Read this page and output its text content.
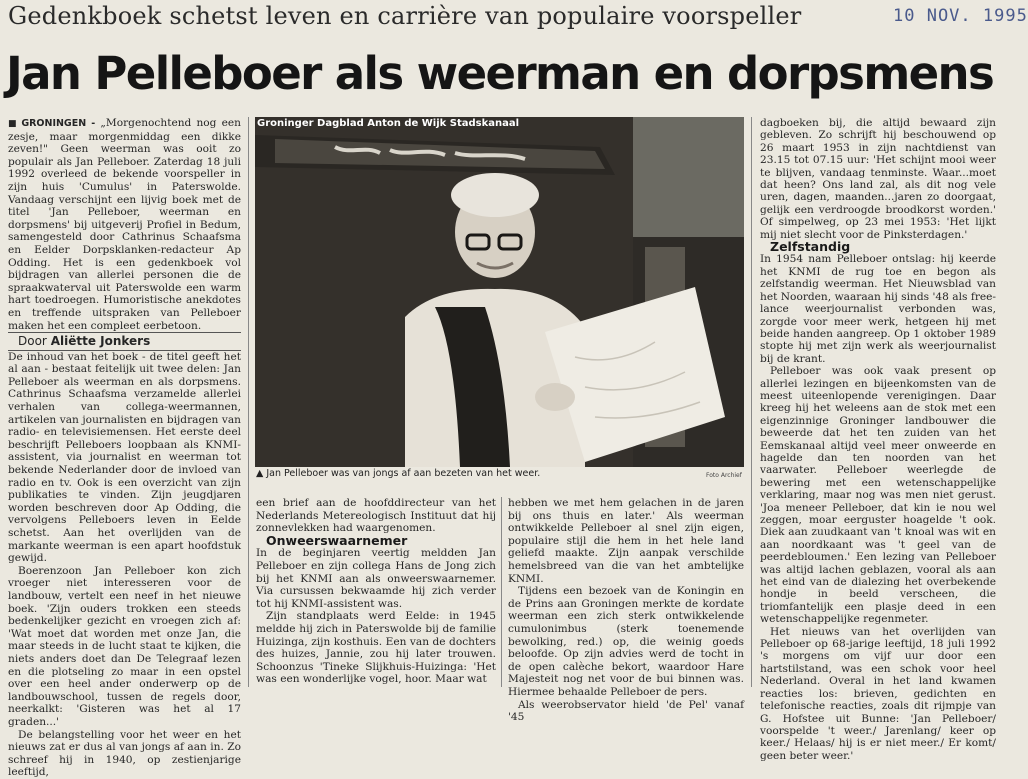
Gedenkboek schetst leven en carrière van populaire voorspeller	10 NOV. 1995
Jan Pelleboer als weerman en dorpsmens

■ GRONINGEN - „Morgenochtend nog een zesje, maar morgenmiddag een dikke zeven!" Geen weerman was ooit zo populair als Jan Pelleboer. Zaterdag 18 juli 1992 overleed de bekende voorspeller in zijn huis 'Cumulus' in Paterswolde. Vandaag verschijnt een lijvig boek met de titel 'Jan Pelleboer, weerman en dorpsmens' bij uitgeverij Profiel in Bedum, samengesteld door Cathrinus Schaafsma en Eelder Dorpsklanken-redacteur Ap Odding. Het is een gedenkboek vol bijdragen van allerlei personen die de spraakwaterval uit Paterswolde een warm hart toedroegen. Humoristische anekdotes en treffende uitspraken van Pelleboer maken het een compleet eerbetoon.

Door Aliëtte Jonkers

De inhoud van het boek - de titel geeft het al aan - bestaat feitelijk uit twee delen: Jan Pelleboer als weerman en als dorpsmens. Cathrinus Schaafsma verzamelde allerlei verhalen van collega-weermannen, artikelen van journalisten en bijdragen van radio- en televisiemensen. Het eerste deel beschrijft Pelleboers loopbaan als KNMI-assistent, via journalist en weerman tot bekende Nederlander door de invloed van radio en tv. Ook is een overzicht van zijn publikaties te vinden. Zijn jeugdjaren worden beschreven door Ap Odding, die vervolgens Pelleboers leven in Eelde schetst. Aan het overlijden van de markante weerman is een apart hoofdstuk gewijd.

Boerenzoon Jan Pelleboer kon zich vroeger niet interesseren voor de landbouw, vertelt een neef in het nieuwe boek. 'Zijn ouders trokken een steeds bedenkelijker gezicht en vroegen zich af: 'Wat moet dat worden met onze Jan, die maar steeds in de lucht staat te kijken, die niets anders doet dan De Telegraaf lezen en die plotseling zo maar in een opstel over een heel ander onderwerp op de landbouwschool, tussen de regels door, neerkalkt: 'Gisteren was het al 17 graden...'

De belangstelling voor het weer en het nieuws zat er dus al van jongs af aan in. Zo schreef hij in 1940, op zestienjarige leeftijd,

Groninger Dagblad Anton de Wijk Stadskanaal
▲ Jan Pelleboer was van jongs af aan bezeten van het weer.	Foto Archief

een brief aan de hoofddirecteur van het Nederlands Metereologisch Instituut dat hij zonnevlekken had waargenomen.

Onweerswaarnemer

In de beginjaren veertig meldden Jan Pelleboer en zijn collega Hans de Jong zich bij het KNMI aan als onweerswaarnemer. Via cursussen bekwaamde hij zich verder tot hij KNMI-assistent was.

Zijn standplaats werd Eelde: in 1945 meldde hij zich in Paterswolde bij de familie Huizinga, zijn kosthuis. Een van de dochters des huizes, Jannie, zou hij later trouwen. Schoonzus 'Tineke Slijkhuis-Huizinga: 'Het was een wonderlijke vogel, hoor. Maar wat

hebben we met hem gelachen in de jaren bij ons thuis en later.' Als weerman ontwikkelde Pelleboer al snel zijn eigen, populaire stijl die hem in het hele land geliefd maakte. Zijn aanpak verschilde hemelsbreed van die van het ambtelijke KNMI.

Tijdens een bezoek van de Koningin en de Prins aan Groningen merkte de kordate weerman een zich sterk ontwikkelende cumulonimbus (sterk toenemende bewolking, red.) op, die weinig goeds beloofde. Op zijn advies werd de tocht in de open calèche bekort, waardoor Hare Majesteit nog net voor de bui binnen was. Hiermee behaalde Pelleboer de pers.

Als weerobservator hield 'de Pel' vanaf '45

dagboeken bij, die altijd bewaard zijn gebleven. Zo schrijft hij beschouwend op 26 maart 1953 in zijn nachtdienst van 23.15 tot 07.15 uur: 'Het schijnt mooi weer te blijven, vandaag tenminste. Waar...moet dat heen? Ons land zal, als dit nog vele uren, dagen, maanden...jaren zo doorgaat, gelijk een verdroogde broodkorst worden.' Of simpelweg, op 23 mei 1953: 'Het lijkt mij niet slecht voor de Pinksterdagen.'

Zelfstandig

In 1954 nam Pelleboer ontslag: hij keerde het KNMI de rug toe en begon als zelfstandig weerman. Het Nieuwsblad van het Noorden, waaraan hij sinds '48 als free-lance weerjournalist verbonden was, zorgde voor meer werk, hetgeen hij met beide handen aangreep. Op 1 oktober 1989 stopte hij met zijn werk als weerjournalist bij de krant.

Pelleboer was ook vaak present op allerlei lezingen en bijeenkomsten van de meest uiteenlopende verenigingen. Daar kreeg hij het weleens aan de stok met een eigenzinnige Groninger landbouwer die beweerde dat het ten zuiden van het Eemskanaal altijd veel meer onweerde en hagelde dan ten noorden van het vaarwater. Pelleboer weerlegde de bewering met een wetenschappelijke verklaring, maar nog was men niet gerust. 'Joa meneer Pelleboer, dat kin ie nou wel zeggen, moar eerguster hoagelde 't ook. Diek aan zuudkaant van 't knoal was wit en aan noordkaant was 't geel van de peerdebloumen.' Een lezing van Pelleboer was altijd lachen geblazen, vooral als aan het eind van de dialezing het overbekende hondje in beeld verscheen, die triomfantelijk een plasje deed in een wetenschappelijke regenmeter.

Het nieuws van het overlijden van Pelleboer op 68-jarige leeftijd, 18 juli 1992 's morgens om vijf uur door een hartstilstand, was een schok voor heel Nederland. Overal in het land kwamen reacties los: brieven, gedichten en telefonische reacties, zoals dit rijmpje van G. Hofstee uit Bunne: 'Jan Pelleboer/ voorspelde 't weer./ Jarenlang/ keer op keer./ Helaas/ hij is er niet meer./ Er komt/ geen beter weer.'
